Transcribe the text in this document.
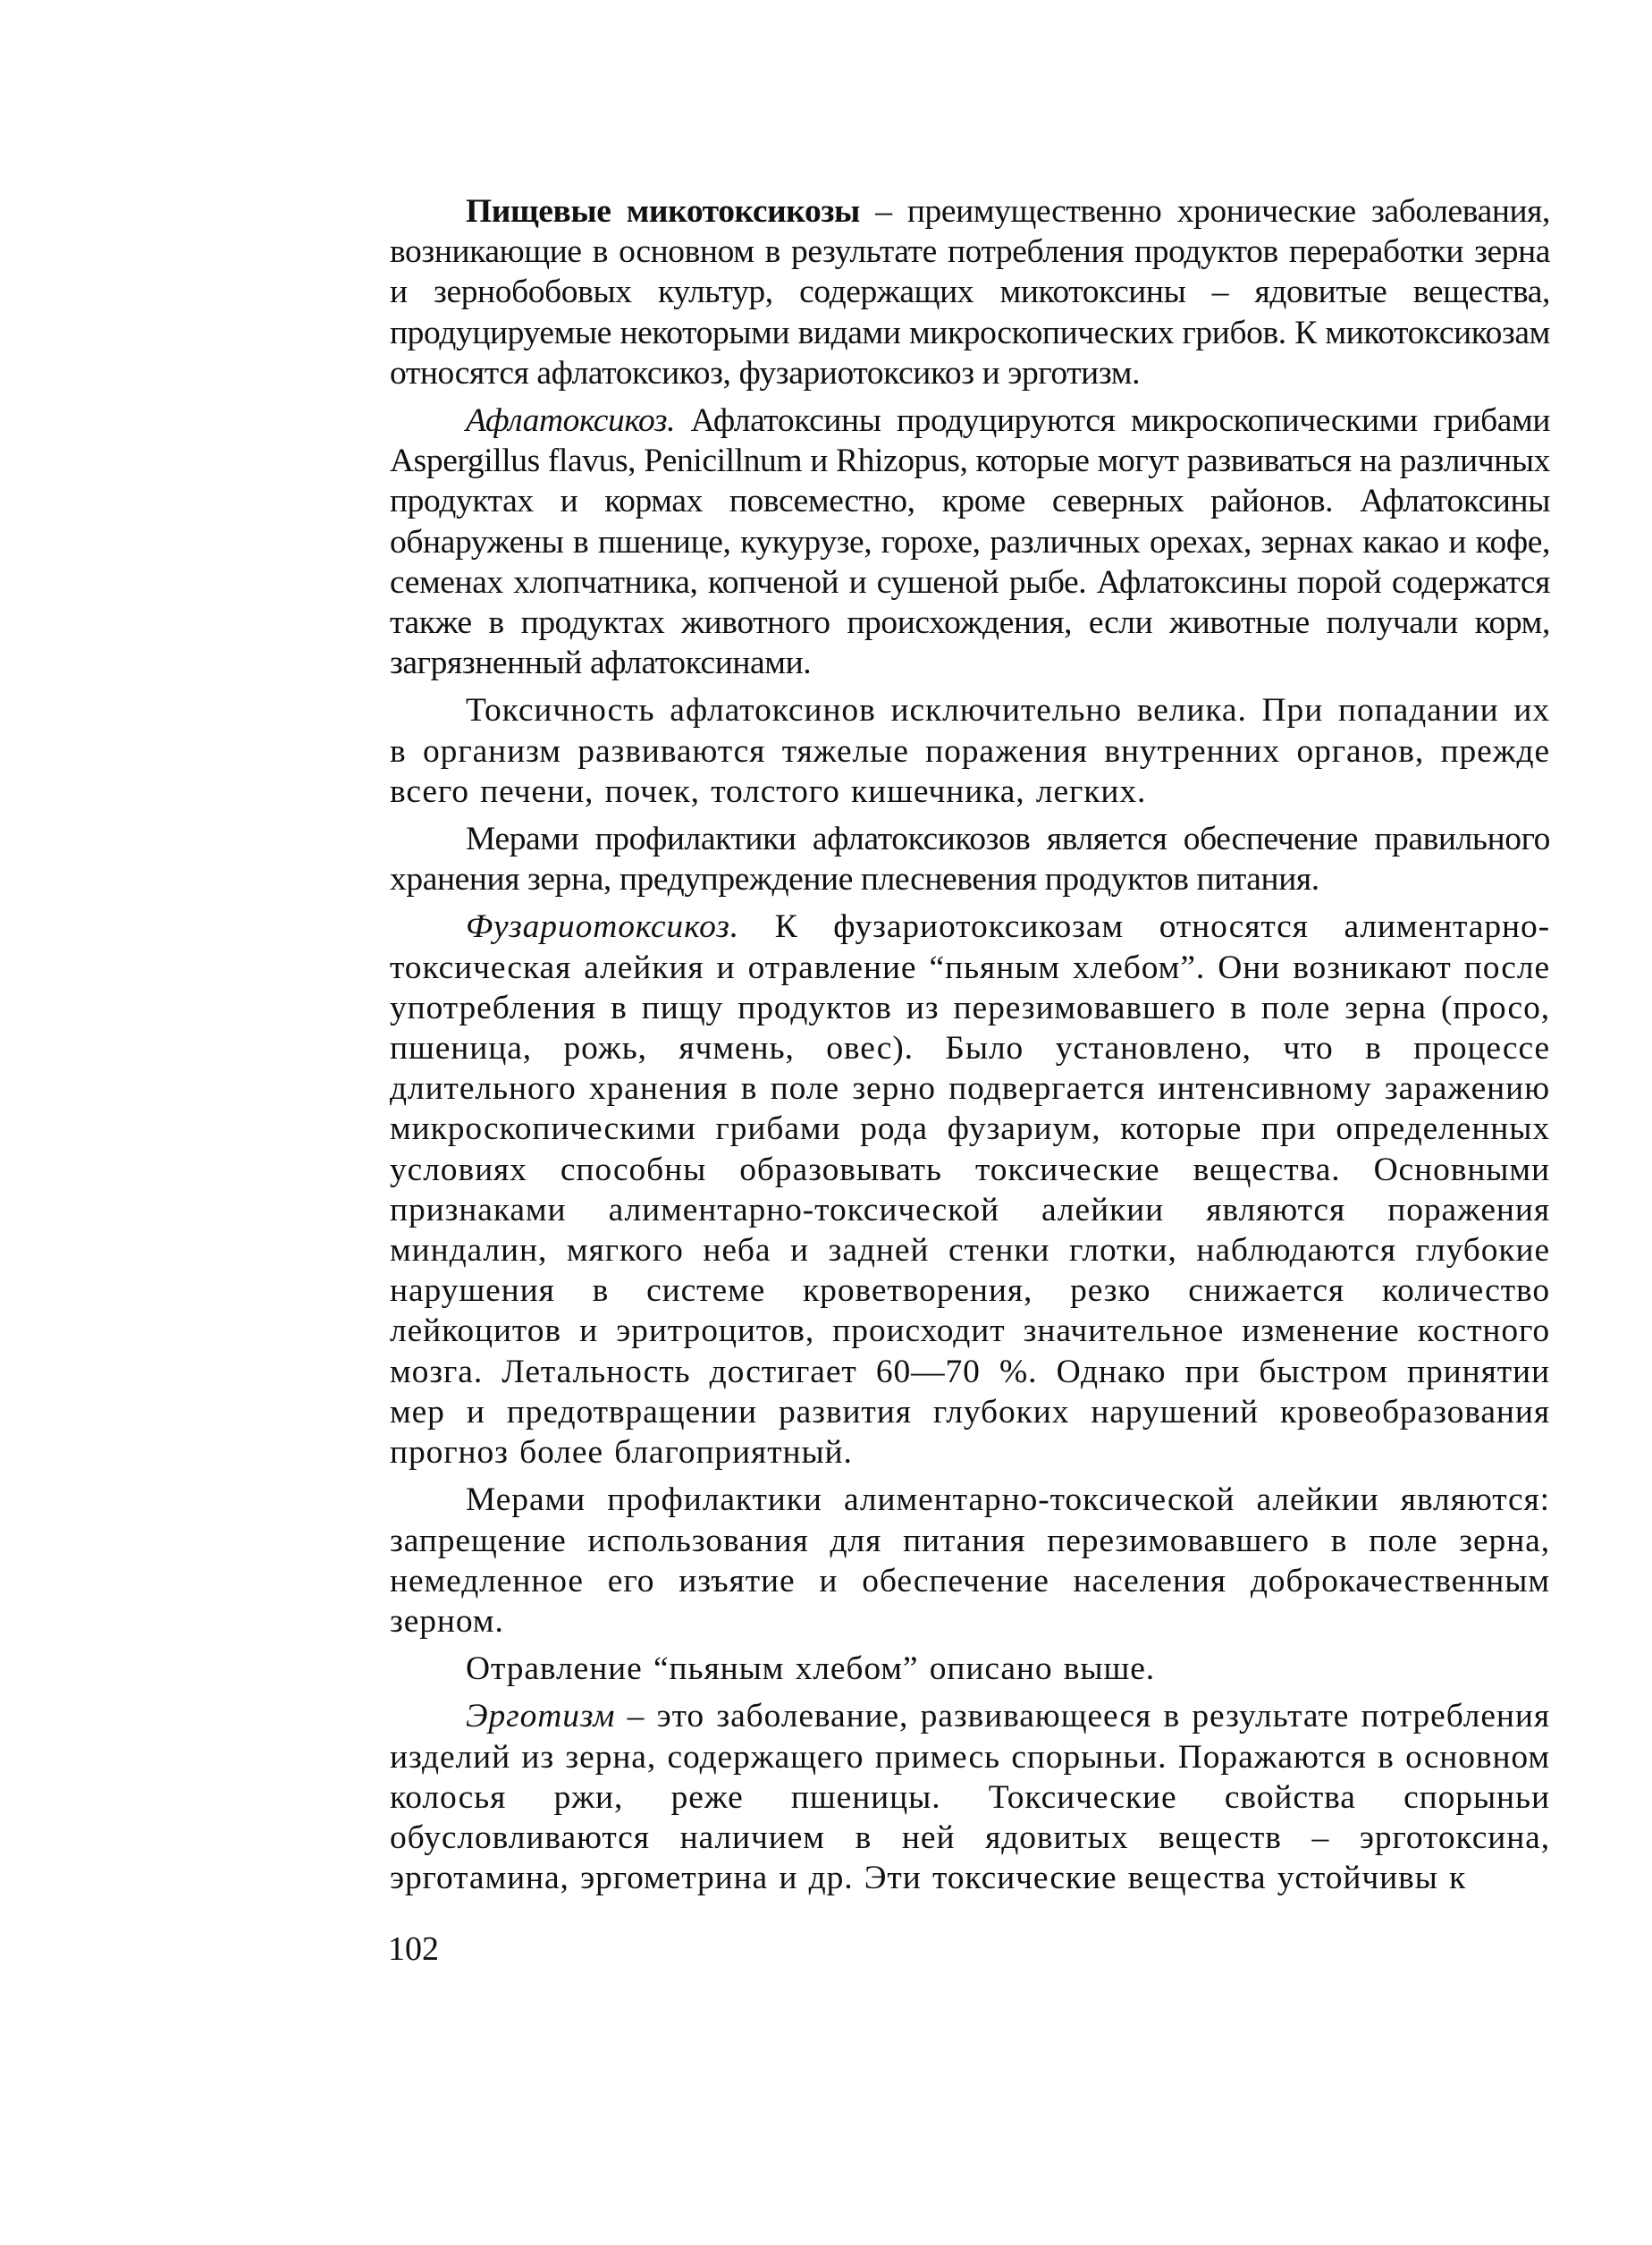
Пищевые микотоксикозы – преимущественно хронические заболевания, возникающие в основном в результате потребления продуктов переработки зерна и зернобобовых культур, содержащих микотоксины – ядовитые вещества, продуцируемые некоторыми видами микроскопических грибов. К микотоксикозам относятся афлатоксикоз, фузариотоксикоз и эрготизм.

Афлатоксикоз. Афлатоксины продуцируются микроскопическими грибами Aspergillus flavus, Penicillnum и Rhizopus, которые могут развиваться на различных продуктах и кормах повсеместно, кроме северных районов. Афлатоксины обнаружены в пшенице, кукурузе, горохе, различных орехах, зернах какао и кофе, семенах хлопчатника, копченой и сушеной рыбе. Афлатоксины порой содержатся также в продуктах животного происхождения, если животные получали корм, загрязненный афлатоксинами.

Токсичность афлатоксинов исключительно велика. При попадании их в организм развиваются тяжелые поражения внутренних органов, прежде всего печени, почек, толстого кишечника, легких.

Мерами профилактики афлатоксикозов является обеспечение правильного хранения зерна, предупреждение плесневения продуктов питания.

Фузариотоксикоз. К фузариотоксикозам относятся алиментарно-токсическая алейкия и отравление “пьяным хлебом”. Они возникают после употребления в пищу продуктов из перезимовавшего в поле зерна (просо, пшеница, рожь, ячмень, овес). Было установлено, что в процессе длительного хранения в поле зерно подвергается интенсивному заражению микроскопическими грибами рода фузариум, которые при определенных условиях способны образовывать токсические вещества. Основными признаками алиментарно-токсической алейкии являются поражения миндалин, мягкого неба и задней стенки глотки, наблюдаются глубокие нарушения в системе кроветворения, резко снижается количество лейкоцитов и эритроцитов, происходит значительное изменение костного мозга. Летальность достигает 60—70 %. Однако при быстром принятии мер и предотвращении развития глубоких нарушений кровеобразования прогноз более благоприятный.

Мерами профилактики алиментарно-токсической алейкии являются: запрещение использования для питания перезимовавшего в поле зерна, немедленное его изъятие и обеспечение населения доброкачественным зерном.

Отравление “пьяным хлебом” описано выше.

Эрготизм – это заболевание, развивающееся в результате потребления изделий из зерна, содержащего примесь спорыньи. Поражаются в основном колосья ржи, реже пшеницы. Токсические свойства спорыньи обусловливаются наличием в ней ядовитых веществ – эрготоксина, эрготамина, эргометрина и др. Эти токсические вещества устойчивы к

102
